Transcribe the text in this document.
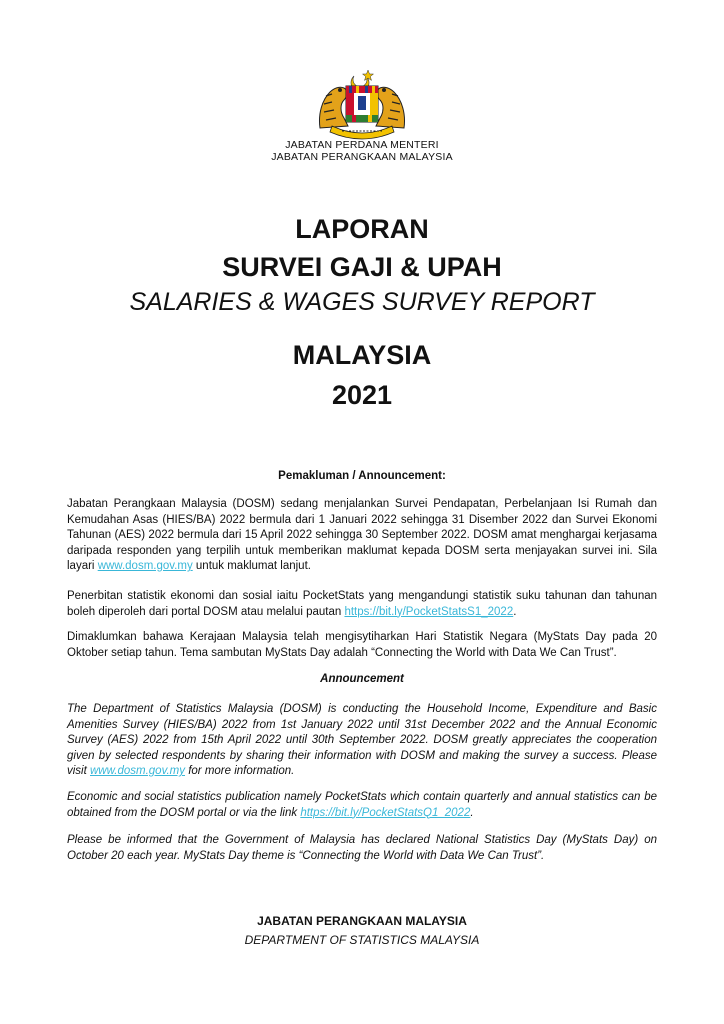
JABATAN PERDANA MENTERI
JABATAN PERANGKAAN MALAYSIA
LAPORAN
SURVEI GAJI & UPAH
SALARIES & WAGES SURVEY REPORT
MALAYSIA
2021
Pemakluman / Announcement:

Jabatan Perangkaan Malaysia (DOSM) sedang menjalankan Survei Pendapatan, Perbelanjaan Isi Rumah dan Kemudahan Asas (HIES/BA) 2022 bermula dari 1 Januari 2022 sehingga 31 Disember 2022 dan Survei Ekonomi Tahunan (AES) 2022 bermula dari 15 April 2022 sehingga 30 September 2022. DOSM amat menghargai kerjasama daripada responden yang terpilih untuk memberikan maklumat kepada DOSM serta menjayakan survei ini. Sila layari www.dosm.gov.my untuk maklumat lanjut.

Penerbitan statistik ekonomi dan sosial iaitu PocketStats yang mengandungi statistik suku tahunan dan tahunan boleh diperoleh dari portal DOSM atau melalui pautan https://bit.ly/PocketStatsS1_2022.

Dimaklumkan bahawa Kerajaan Malaysia telah mengisytiharkan Hari Statistik Negara (MyStats Day pada 20 Oktober setiap tahun. Tema sambutan MyStats Day adalah “Connecting the World with Data We Can Trust”.

Announcement

The Department of Statistics Malaysia (DOSM) is conducting the Household Income, Expenditure and Basic Amenities Survey (HIES/BA) 2022 from 1st January 2022 until 31st December 2022 and the Annual Economic Survey (AES) 2022 from 15th April 2022 until 30th September 2022. DOSM greatly appreciates the cooperation given by selected respondents by sharing their information with DOSM and making the survey a success. Please visit www.dosm.gov.my for more information.

Economic and social statistics publication namely PocketStats which contain quarterly and annual statistics can be obtained from the DOSM portal or via the link https://bit.ly/PocketStatsQ1_2022.

Please be informed that the Government of Malaysia has declared National Statistics Day (MyStats Day) on October 20 each year. MyStats Day theme is “Connecting the World with Data We Can Trust”.

JABATAN PERANGKAAN MALAYSIA
DEPARTMENT OF STATISTICS MALAYSIA
